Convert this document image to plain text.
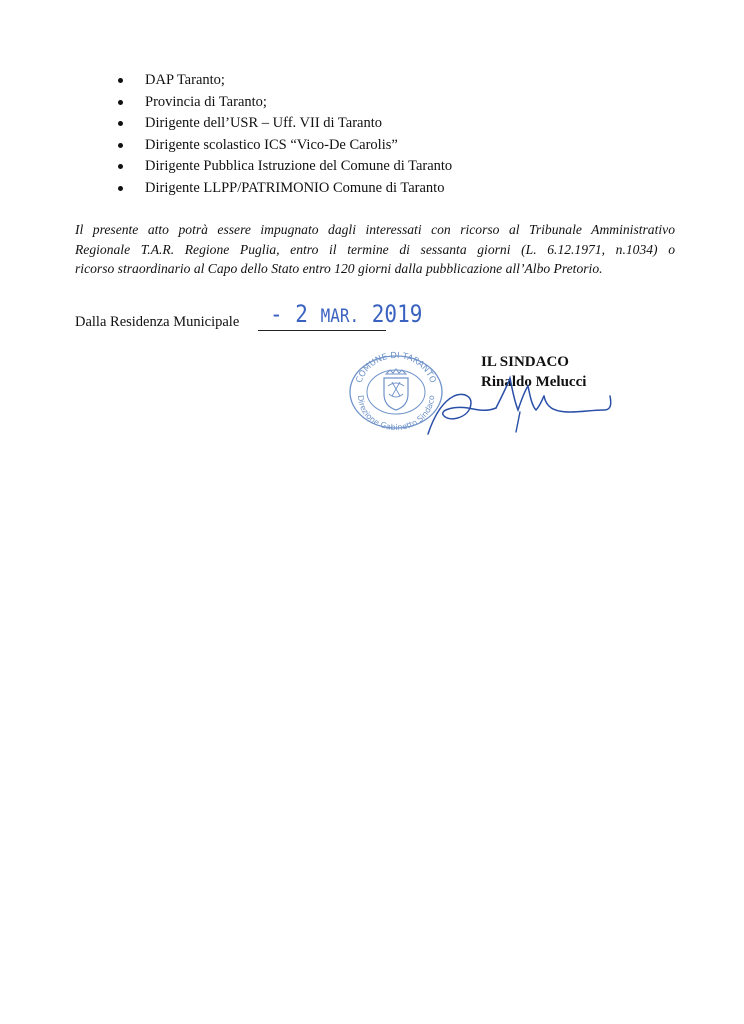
DAP Taranto;
Provincia di Taranto;
Dirigente dell’USR – Uff. VII di Taranto
Dirigente scolastico ICS “Vico-De Carolis”
Dirigente Pubblica Istruzione del Comune di Taranto
Dirigente LLPP/PATRIMONIO Comune di Taranto
Il presente atto potrà essere impugnato dagli interessati con ricorso al Tribunale Amministrativo
Regionale T.A.R. Regione Puglia, entro il termine di sessanta giorni (L. 6.12.1971, n.1034) o
ricorso straordinario al Capo dello Stato entro 120 giorni dalla pubblicazione all’Albo Pretorio.
Dalla Residenza Municipale - 2 MAR. 2019
COMUNE DI TARANTO
Direzione Gabinetto Sindaco
IL SINDACO
Rinaldo Melucci
